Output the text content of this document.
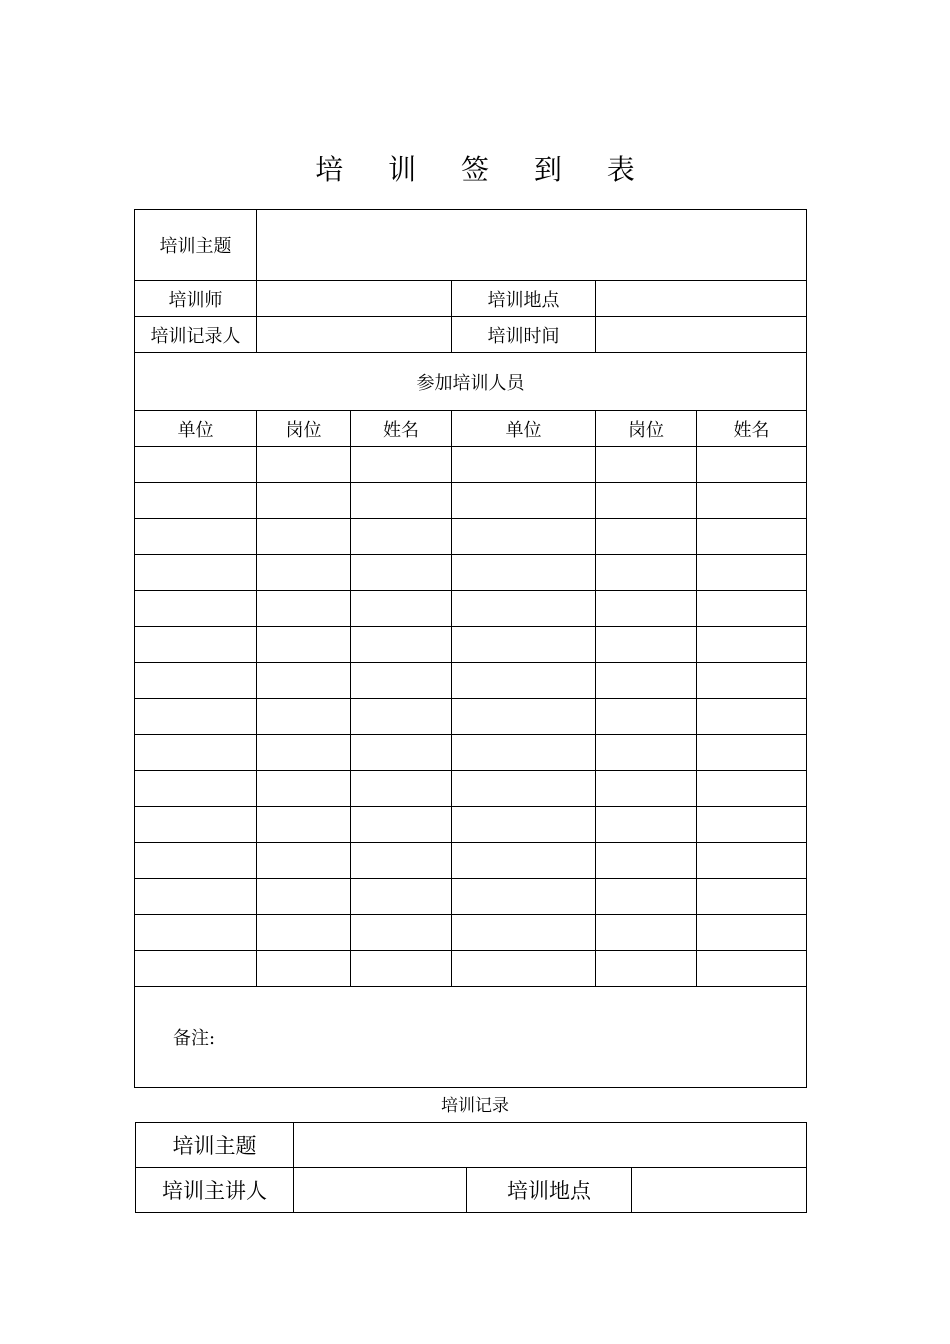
培 训 签 到 表
培训主题					
培训师			培训地点		
培训记录人			培训时间		
参加培训人员					
单位	岗位	姓名	单位	岗位	姓名

备注:					
培训记录
培训主题			
培训主讲人		培训地点	
